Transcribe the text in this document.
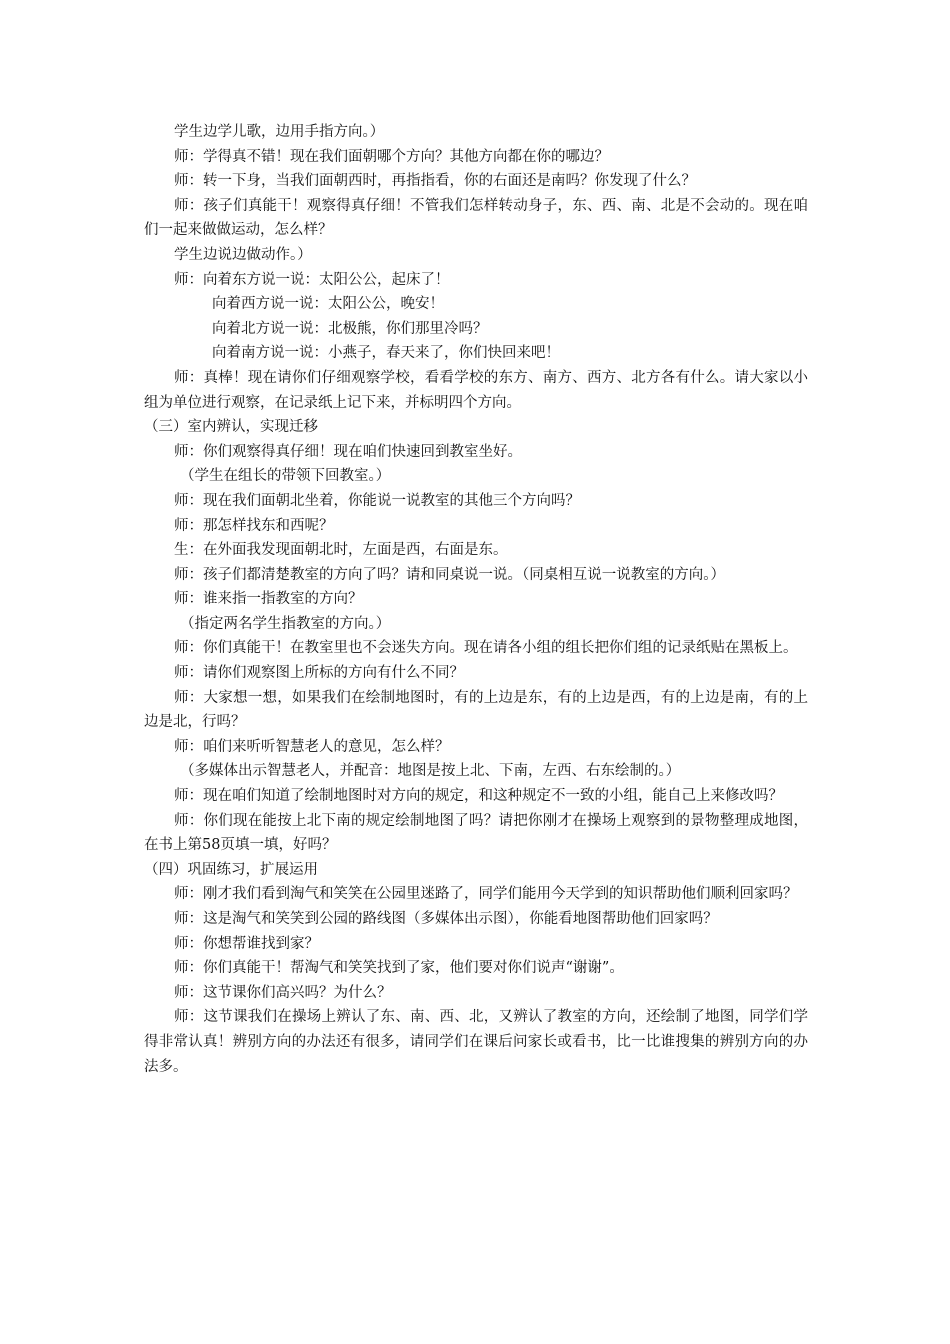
学生边学儿歌，边用手指方向。）

师：学得真不错！现在我们面朝哪个方向？其他方向都在你的哪边？

师：转一下身，当我们面朝西时，再指指看，你的右面还是南吗？你发现了什么？

师：孩子们真能干！观察得真仔细！不管我们怎样转动身子，东、西、南、北是不会动的。现在咱们一起来做做运动，怎么样？

学生边说边做动作。）

师：向着东方说一说：太阳公公，起床了！

向着西方说一说：太阳公公，晚安！

向着北方说一说：北极熊，你们那里冷吗？

向着南方说一说：小燕子，春天来了，你们快回来吧！

师：真棒！现在请你们仔细观察学校，看看学校的东方、南方、西方、北方各有什么。请大家以小组为单位进行观察，在记录纸上记下来，并标明四个方向。

（三）室内辨认，实现迁移

师：你们观察得真仔细！现在咱们快速回到教室坐好。

（学生在组长的带领下回教室。）

师：现在我们面朝北坐着，你能说一说教室的其他三个方向吗？

师：那怎样找东和西呢？

生：在外面我发现面朝北时，左面是西，右面是东。

师：孩子们都清楚教室的方向了吗？请和同桌说一说。（同桌相互说一说教室的方向。）

师：谁来指一指教室的方向？

（指定两名学生指教室的方向。）

师：你们真能干！在教室里也不会迷失方向。现在请各小组的组长把你们组的记录纸贴在黑板上。

师：请你们观察图上所标的方向有什么不同？

师：大家想一想，如果我们在绘制地图时，有的上边是东，有的上边是西，有的上边是南，有的上边是北，行吗？

师：咱们来听听智慧老人的意见，怎么样？

（多媒体出示智慧老人，并配音：地图是按上北、下南，左西、右东绘制的。）

师：现在咱们知道了绘制地图时对方向的规定，和这种规定不一致的小组，能自己上来修改吗？

师：你们现在能按上北下南的规定绘制地图了吗？请把你刚才在操场上观察到的景物整理成地图，在书上第58页填一填，好吗？

（四）巩固练习，扩展运用

师：刚才我们看到淘气和笑笑在公园里迷路了，同学们能用今天学到的知识帮助他们顺利回家吗？

师：这是淘气和笑笑到公园的路线图（多媒体出示图），你能看地图帮助他们回家吗？

师：你想帮谁找到家？

师：你们真能干！帮淘气和笑笑找到了家，他们要对你们说声“谢谢”。

师：这节课你们高兴吗？为什么？

师：这节课我们在操场上辨认了东、南、西、北，又辨认了教室的方向，还绘制了地图，同学们学得非常认真！辨别方向的办法还有很多，请同学们在课后问家长或看书，比一比谁搜集的辨别方向的办法多。
